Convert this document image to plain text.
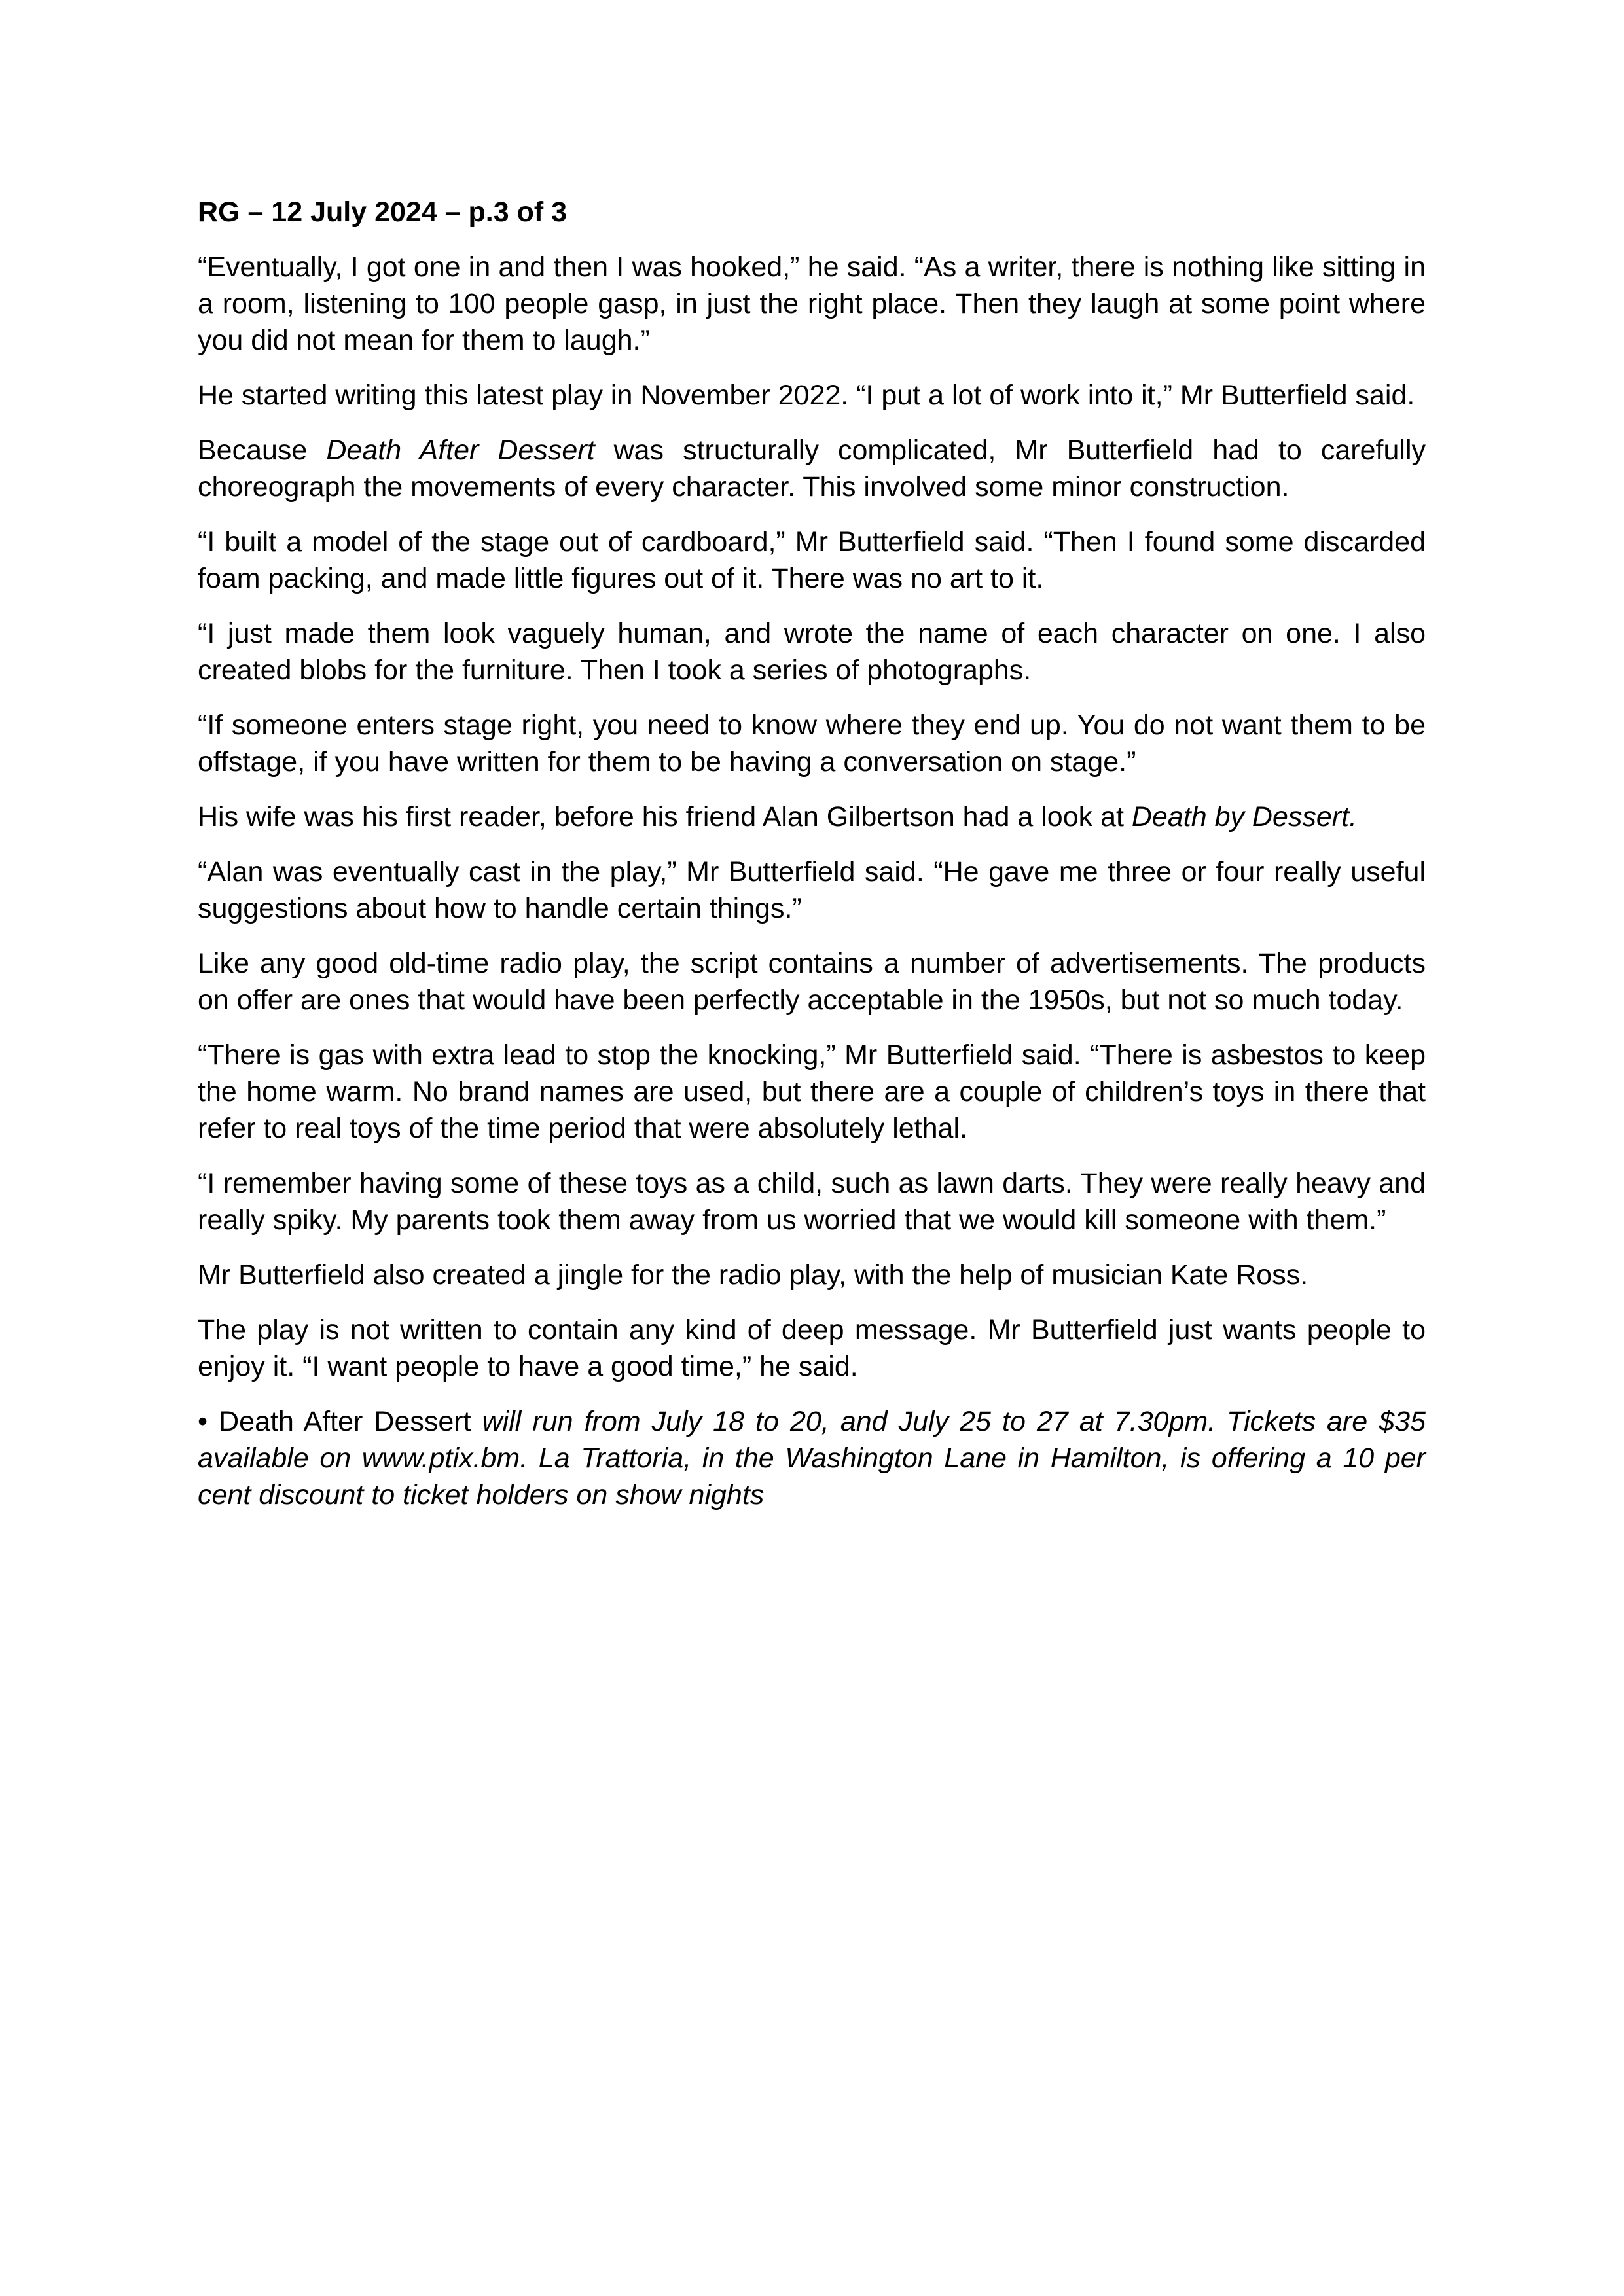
RG – 12 July 2024 – p.3 of 3

“Eventually, I got one in and then I was hooked,” he said. “As a writer, there is nothing like sitting in a room, listening to 100 people gasp, in just the right place. Then they laugh at some point where you did not mean for them to laugh.”

He started writing this latest play in November 2022. “I put a lot of work into it,” Mr Butterfield said.

Because Death After Dessert was structurally complicated, Mr Butterfield had to carefully choreograph the movements of every character. This involved some minor construction.

“I built a model of the stage out of cardboard,” Mr Butterfield said. “Then I found some discarded foam packing, and made little figures out of it. There was no art to it.

“I just made them look vaguely human, and wrote the name of each character on one. I also created blobs for the furniture. Then I took a series of photographs.

“If someone enters stage right, you need to know where they end up. You do not want them to be offstage, if you have written for them to be having a conversation on stage.”

His wife was his first reader, before his friend Alan Gilbertson had a look at Death by Dessert.

“Alan was eventually cast in the play,” Mr Butterfield said. “He gave me three or four really useful suggestions about how to handle certain things.”

Like any good old-time radio play, the script contains a number of advertisements. The products on offer are ones that would have been perfectly acceptable in the 1950s, but not so much today.

“There is gas with extra lead to stop the knocking,” Mr Butterfield said. “There is asbestos to keep the home warm. No brand names are used, but there are a couple of children’s toys in there that refer to real toys of the time period that were absolutely lethal.

“I remember having some of these toys as a child, such as lawn darts. They were really heavy and really spiky. My parents took them away from us worried that we would kill someone with them.”

Mr Butterfield also created a jingle for the radio play, with the help of musician Kate Ross.

The play is not written to contain any kind of deep message. Mr Butterfield just wants people to enjoy it. “I want people to have a good time,” he said.

• Death After Dessert will run from July 18 to 20, and July 25 to 27 at 7.30pm. Tickets are $35 available on www.ptix.bm. La Trattoria, in the Washington Lane in Hamilton, is offering a 10 per cent discount to ticket holders on show nights
